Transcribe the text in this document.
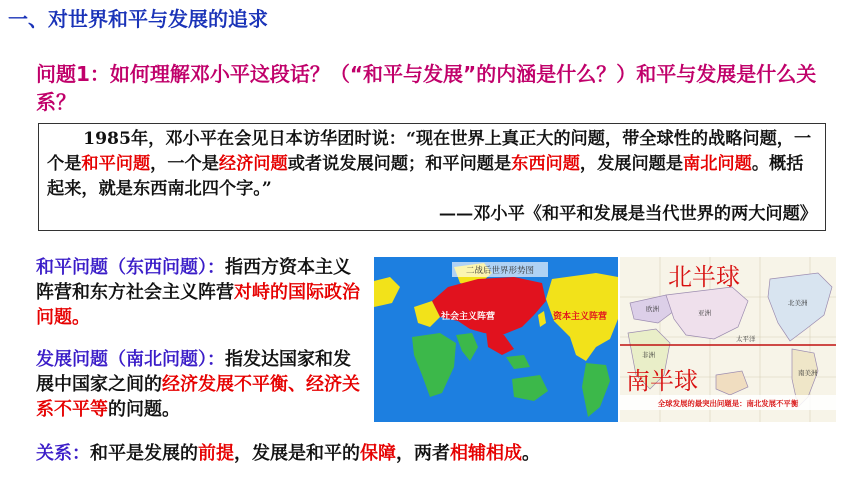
一、对世界和平与发展的追求
问题1：如何理解邓小平这段话？（“和平与发展”的内涵是什么？）和平与发展是什么关系？

1985年，邓小平在会见日本访华团时说：“现在世界上真正大的问题，带全球性的战略问题，一个是和平问题，一个是经济问题或者说发展问题；和平问题是东西问题，发展问题是南北问题。概括起来，就是东西南北四个字。”

——邓小平《和平和发展是当代世界的两大问题》
和平问题（东西问题）：指西方资本主义阵营和东方社会主义阵营对峙的国际政治问题。
发展问题（南北问题）：指发达国家和发展中国家之间的经济发展不平衡、经济关系不平等的问题。
关系：和平是发展的前提，发展是和平的保障，两者相辅相成。
二战后世界形势图
社会主义阵营	资本主义阵营
欧洲
亚洲
太平洋
非洲
北美洲
南美洲
北半球
南半球
全球发展的最突出问题是：南北发展不平衡
